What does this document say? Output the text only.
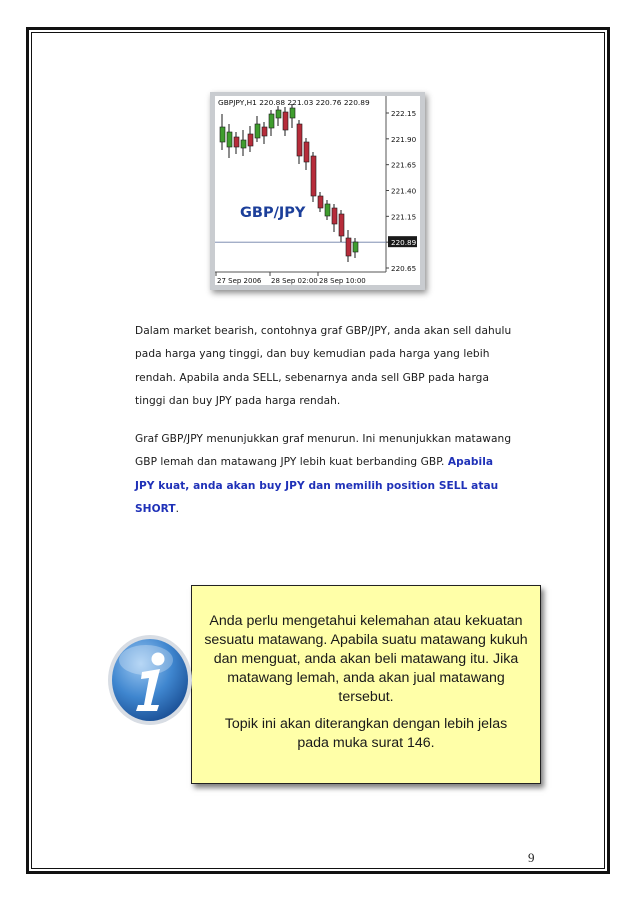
GBPJPY,H1 220.88 221.03 220.76 220.89
GBP/JPY
222.15
221.90
221.65
221.40
221.15
220.89
220.65
27 Sep 2006 28 Sep 02:00 28 Sep 10:00

Dalam market bearish, contohnya graf GBP/JPY, anda akan sell dahulu pada harga yang tinggi, dan buy kemudian pada harga yang lebih rendah. Apabila anda SELL, sebenarnya anda sell GBP pada harga tinggi dan buy JPY pada harga rendah.

Graf GBP/JPY menunjukkan graf menurun. Ini menunjukkan matawang GBP lemah dan matawang JPY lebih kuat berbanding GBP. Apabila JPY kuat, anda akan buy JPY dan memilih position SELL atau SHORT.

Anda perlu mengetahui kelemahan atau kekuatan sesuatu matawang. Apabila suatu matawang kukuh dan menguat, anda akan beli matawang itu. Jika matawang lemah, anda akan jual matawang tersebut.

Topik ini akan diterangkan dengan lebih jelas pada muka surat 146.

9
